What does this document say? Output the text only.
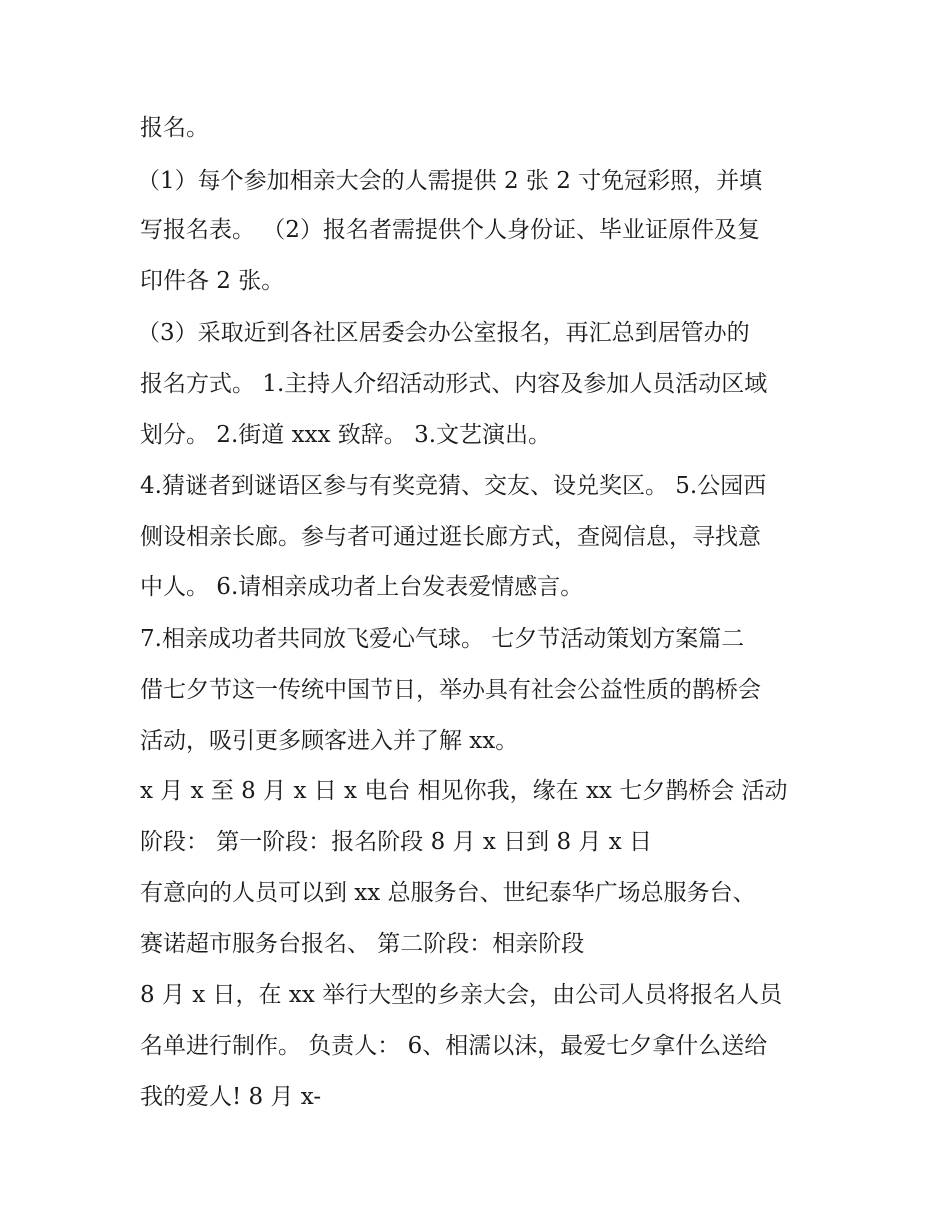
报名。

（1）每个参加相亲大会的人需提供 2 张 2 寸免冠彩照，并填

写报名表。 （2）报名者需提供个人身份证、毕业证原件及复

印件各 2 张。

（3）采取近到各社区居委会办公室报名，再汇总到居管办的

报名方式。 1.主持人介绍活动形式、内容及参加人员活动区域

划分。 2.街道 xxx 致辞。 3.文艺演出。

4.猜谜者到谜语区参与有奖竞猜、交友、设兑奖区。 5.公园西

侧设相亲长廊。参与者可通过逛长廊方式，查阅信息，寻找意

中人。 6.请相亲成功者上台发表爱情感言。

7.相亲成功者共同放飞爱心气球。 七夕节活动策划方案篇二

借七夕节这一传统中国节日，举办具有社会公益性质的鹊桥会

活动，吸引更多顾客进入并了解 xx。

x 月 x 至 8 月 x 日 x 电台 相见你我，缘在 xx 七夕鹊桥会 活动

阶段： 第一阶段：报名阶段 8 月 x 日到 8 月 x 日

有意向的人员可以到 xx 总服务台、世纪泰华广场总服务台、

赛诺超市服务台报名、 第二阶段：相亲阶段

8 月 x 日，在 xx 举行大型的乡亲大会，由公司人员将报名人员

名单进行制作。 负责人： 6、相濡以沫，最爱七夕拿什么送给

我的爱人! 8 月 x-
